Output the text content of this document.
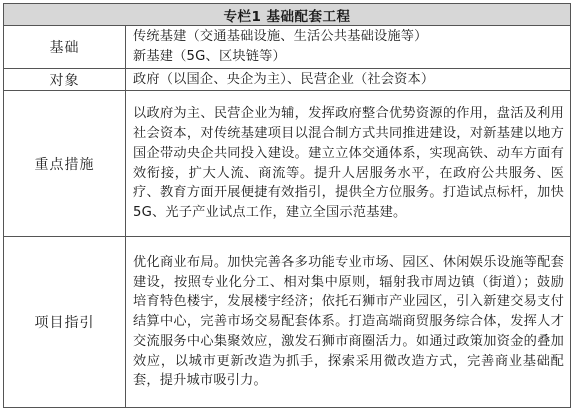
专栏1 基础配套工程	
基础	传统基建（交通基础设施、生活公共基础设施等）
新基建（5G、区块链等）

对象	政府（以国企、央企为主）、民营企业（社会资本）
重点措施	以政府为主、民营企业为辅，发挥政府整合优势资源的作用，盘活及利用社会资本，对传统基建项目以混合制方式共同推进建设，对新基建以地方国企带动央企共同投入建设。建立立体交通体系，实现高铁、动车方面有效衔接，扩大人流、商流等。提升人居服务水平，在政府公共服务、医疗、教育方面开展便捷有效指引，提供全方位服务。打造试点标杆，加快5G、光子产业试点工作，建立全国示范基建。

项目指引	优化商业布局。加快完善各多功能专业市场、园区、休闲娱乐设施等配套建设，按照专业化分工、相对集中原则，辐射我市周边镇（街道）；鼓励培育特色楼宇，发展楼宇经济；依托石狮市产业园区，引入新建交易支付结算中心，完善市场交易配套体系。打造高端商贸服务综合体，发挥人才交流服务中心集聚效应，激发石狮市商圈活力。如通过政策加资金的叠加效应，以城市更新改造为抓手，探索采用微改造方式，完善商业基础配套，提升城市吸引力。
